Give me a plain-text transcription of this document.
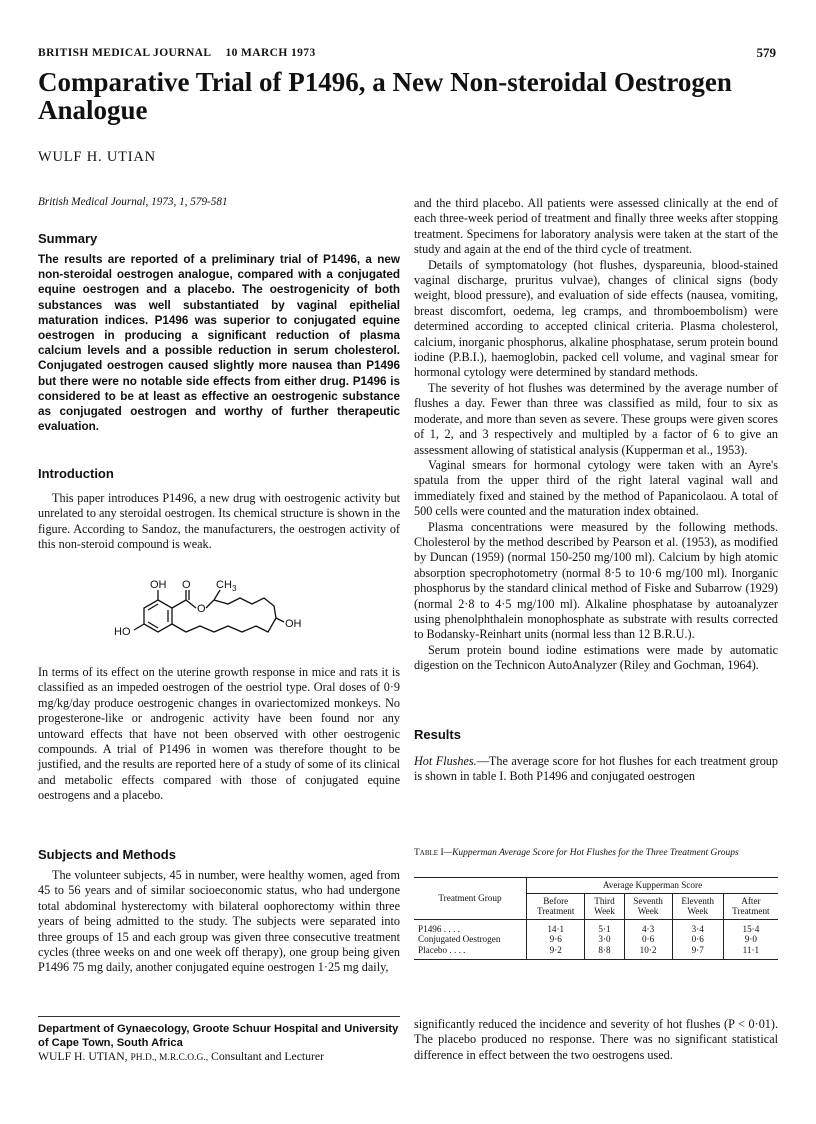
BRITISH MEDICAL JOURNAL 10 MARCH 1973	579
Comparative Trial of P1496, a New Non-steroidal Oestrogen Analogue
WULF H. UTIAN
British Medical Journal, 1973, 1, 579-581
Summary
The results are reported of a preliminary trial of P1496, a new non-steroidal oestrogen analogue, compared with a conjugated equine oestrogen and a placebo. The oestrogenicity of both substances was well substantiated by vaginal epithelial maturation indices. P1496 was superior to conjugated equine oestrogen in producing a significant reduction of plasma calcium levels and a possible reduction in serum cholesterol. Conjugated oestrogen caused slightly more nausea than P1496 but there were no notable side effects from either drug. P1496 is considered to be at least as effective an oestrogenic substance as conjugated oestrogen and worthy of further therapeutic evaluation.
Introduction

This paper introduces P1496, a new drug with oestrogenic activity but unrelated to any steroidal oestrogen. Its chemical structure is shown in the figure. According to Sandoz, the manufacturers, the oestrogen activity of this non-steroid compound is weak.

OH O
O
CH 3
HO
OH

In terms of its effect on the uterine growth response in mice and rats it is classified as an impeded oestrogen of the oestriol type. Oral doses of 0·9 mg/kg/day produce oestrogenic changes in ovariectomized monkeys. No progesterone-like or androgenic activity have been found nor any untoward effects that have not been observed with other oestrogenic compounds. A trial of P1496 in women was therefore thought to be justified, and the results are reported here of a study of some of its clinical and metabolic effects compared with those of conjugated equine oestrogens and a placebo.

Subjects and Methods

The volunteer subjects, 45 in number, were healthy women, aged from 45 to 56 years and of similar socioeconomic status, who had undergone total abdominal hysterectomy with bilateral oophorectomy within three years of being admitted to the study. The subjects were separated into three groups of 15 and each group was given three consecutive treatment cycles (three weeks on and one week off therapy), one group being given P1496 75 mg daily, another conjugated equine oestrogen 1·25 mg daily,

Department of Gynaecology, Groote Schuur Hospital and University of Cape Town, South Africa
WULF H. UTIAN, PH.D., M.R.C.O.G., Consultant and Lecturer

and the third placebo. All patients were assessed clinically at the end of each three-week period of treatment and finally three weeks after stopping treatment. Specimens for laboratory analysis were taken at the start of the study and again at the end of the third cycle of treatment.

Details of symptomatology (hot flushes, dyspareunia, blood-stained vaginal discharge, pruritus vulvae), changes of clinical signs (body weight, blood pressure), and evaluation of side effects (nausea, vomiting, breast discomfort, oedema, leg cramps, and thromboembolism) were determined according to accepted clinical criteria. Plasma cholesterol, calcium, inorganic phosphorus, alkaline phosphatase, serum protein bound iodine (P.B.I.), haemoglobin, packed cell volume, and vaginal smear for hormonal cytology were determined by standard methods.

The severity of hot flushes was determined by the average number of flushes a day. Fewer than three was classified as mild, four to six as moderate, and more than seven as severe. These groups were given scores of 1, 2, and 3 respectively and multipled by a factor of 6 to give an assessment allowing of statistical analysis (Kupperman et al., 1953).

Vaginal smears for hormonal cytology were taken with an Ayre's spatula from the upper third of the right lateral vaginal wall and immediately fixed and stained by the method of Papanicolaou. A total of 500 cells were counted and the maturation index obtained.

Plasma concentrations were measured by the following methods. Cholesterol by the method described by Pearson et al. (1953), as modified by Duncan (1959) (normal 150-250 mg/100 ml). Calcium by high atomic absorption specrophotometry (normal 8·5 to 10·6 mg/100 ml). Inorganic phosphorus by the standard clinical method of Fiske and Subarrow (1929) (normal 2·8 to 4·5 mg/100 ml). Alkaline phosphatase by autoanalyzer using phenolphthalein monophosphate as substrate with results corrected to Bodansky-Reinhart units (normal less than 12 B.R.U.).

Serum protein bound iodine estimations were made by automatic digestion on the Technicon AutoAnalyzer (Riley and Gochman, 1964).

Results

Hot Flushes.—The average score for hot flushes for each treatment group is shown in table I. Both P1496 and conjugated oestrogen

Table I—Kupperman Average Score for Hot Flushes for the Three Treatment Groups
Treatment Group	Average Kupperman Score				
	Before Treatment	Third Week	Seventh Week	Eleventh Week	After Treatment
P1496 . . . .	14·1	5·1	4·3	3·4	15·4
Conjugated Oestrogen	9·6	3·0	0·6	0·6	9·0
Placebo . . . .	9·2	8·8	10·2	9·7	11·1

significantly reduced the incidence and severity of hot flushes (P < 0·01). The placebo produced no response. There was no significant statistical difference in effect between the two oestrogens used.
